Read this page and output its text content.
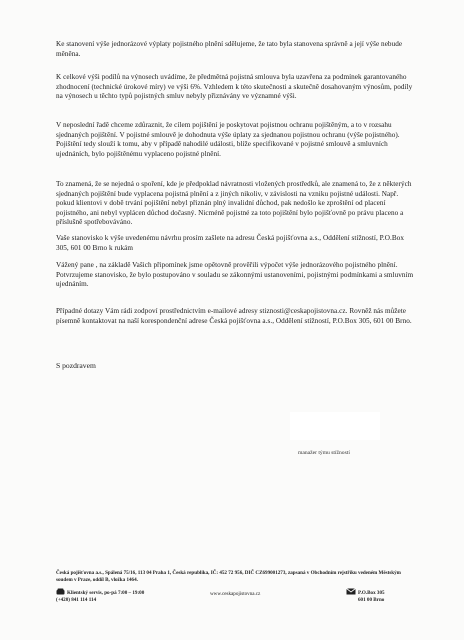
Ke stanovení výše jednorázové výplaty pojistného plnění sdělujeme, že tato byla stanovena správně a její výše nebude měněna.
K celkové výši podílů na výnosech uvádíme, že předmětná pojistná smlouva byla uzavřena za podmínek garantovaného zhodnocení (technické úrokové míry) ve výši 6%. Vzhledem k této skutečnosti a skutečně dosahovaným výnosům, podíly na výnosech u těchto typů pojistných smluv nebyly přiznávány ve významné výši.
V neposlední řadě chceme zdůraznit, že cílem pojištění je poskytovat pojistnou ochranu pojištěným, a to v rozsahu sjednaných pojištění. V pojistné smlouvě je dohodnuta výše úplaty za sjednanou pojistnou ochranu (výše pojistného). Pojištění tedy slouží k tomu, aby v případě nahodilé události, blíže specifikované v pojistné smlouvě a smluvních ujednáních, bylo pojištěnému vyplaceno pojistné plnění.
To znamená, že se nejedná o spoření, kde je předpoklad návratnosti vložených prostředků, ale znamená to, že z některých sjednaných pojištění bude vyplacena pojistná plnění a z jiných nikoliv, v závislosti na vzniku pojistné události. Např. pokud klientovi v době trvání pojištění nebyl přiznán plný invalidní důchod, pak nedošlo ke zproštění od placení pojistného, ani nebyl vyplácen důchod dočasný. Nicméně pojistné za toto pojištění bylo pojišťovně po právu placeno a příslušně spotřebováváno.
Vaše stanovisko k výše uvedenému návrhu prosím zašlete na adresu Česká pojišťovna a.s., Oddělení stížností, P.O.Box 305, 601 00 Brno k rukám
Vážený pane , na základě Vašich připomínek jsme opětovně prověřili výpočet výše jednorázového pojistného plnění. Potvrzujeme stanovisko, že bylo postupováno v souladu se zákonnými ustanoveními, pojistnými podmínkami a smluvním ujednáním.
Případné dotazy Vám rádi zodpoví prostřednictvím e-mailové adresy stiznosti@ceskapojistovna.cz. Rovněž nás můžete písemně kontaktovat na naší korespondenční adrese Česká pojišťovna a.s., Oddělení stížností, P.O.Box 305, 601 00 Brno.
S pozdravem
manažer týmu stížností
Česká pojišťovna a.s., Spálená 75/16, 113 04 Praha 1, Česká republika, IČ: 452 72 956, DIČ CZ699001273, zapsaná v Obchodním rejstříku vedeném Městským soudem v Praze, oddíl B, vložka 1464.
Klientský servis, po-pá 7:00 – 19:00
(+420) 841 114 114
www.ceskapojistovna.cz	P.O.Box 305
601 00 Brno
